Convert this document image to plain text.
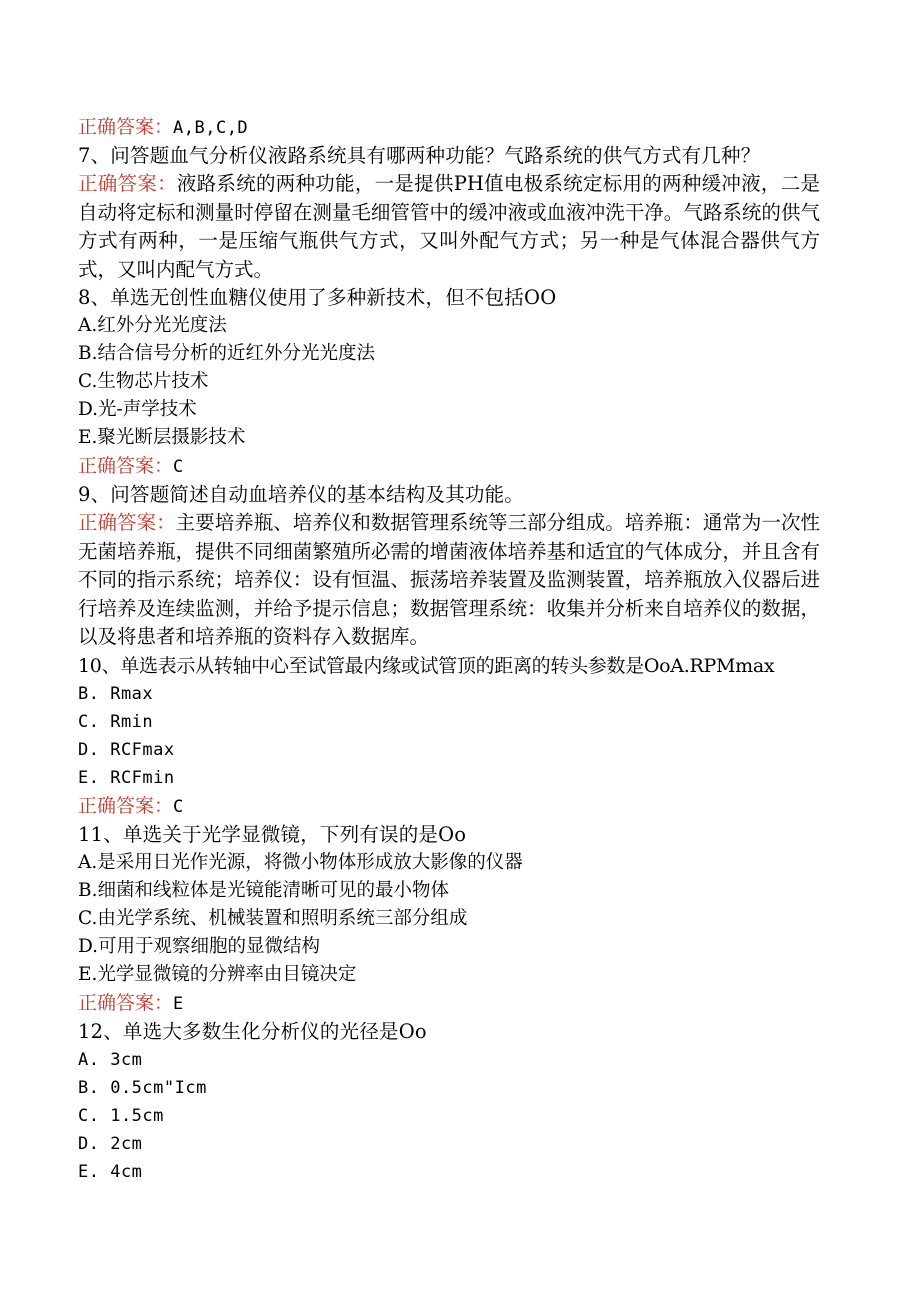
正确答案：A,B,C,D
7、问答题血气分析仪液路系统具有哪两种功能？气路系统的供气方式有几种？
正确答案：液路系统的两种功能，一是提供PH值电极系统定标用的两种缓冲液，二是自动将定标和测量时停留在测量毛细管管中的缓冲液或血液冲洗干净。气路系统的供气方式有两种，一是压缩气瓶供气方式，又叫外配气方式；另一种是气体混合器供气方式，又叫内配气方式。
8、单选无创性血糖仪使用了多种新技术，但不包括OO
A.红外分光光度法
B.结合信号分析的近红外分光光度法
C.生物芯片技术
D.光-声学技术
E.聚光断层摄影技术
正确答案：C
9、问答题简述自动血培养仪的基本结构及其功能。
正确答案：主要培养瓶、培养仪和数据管理系统等三部分组成。培养瓶：通常为一次性无菌培养瓶，提供不同细菌繁殖所必需的增菌液体培养基和适宜的气体成分，并且含有不同的指示系统；培养仪：设有恒温、振荡培养装置及监测装置，培养瓶放入仪器后进行培养及连续监测，并给予提示信息；数据管理系统：收集并分析来自培养仪的数据，以及将患者和培养瓶的资料存入数据库。
10、单选表示从转轴中心至试管最内缘或试管顶的距离的转头参数是OoA.RPMmax
B. Rmax
C. Rmin
D. RCFmax
E. RCFmin
正确答案：C
11、单选关于光学显微镜，下列有误的是Oo
A.是采用日光作光源，将微小物体形成放大影像的仪器
B.细菌和线粒体是光镜能清晰可见的最小物体
C.由光学系统、机械装置和照明系统三部分组成
D.可用于观察细胞的显微结构
E.光学显微镜的分辨率由目镜决定
正确答案：E
12、单选大多数生化分析仪的光径是Oo
A. 3cm
B. 0.5cm"Icm
C. 1.5cm
D. 2cm
E. 4cm
